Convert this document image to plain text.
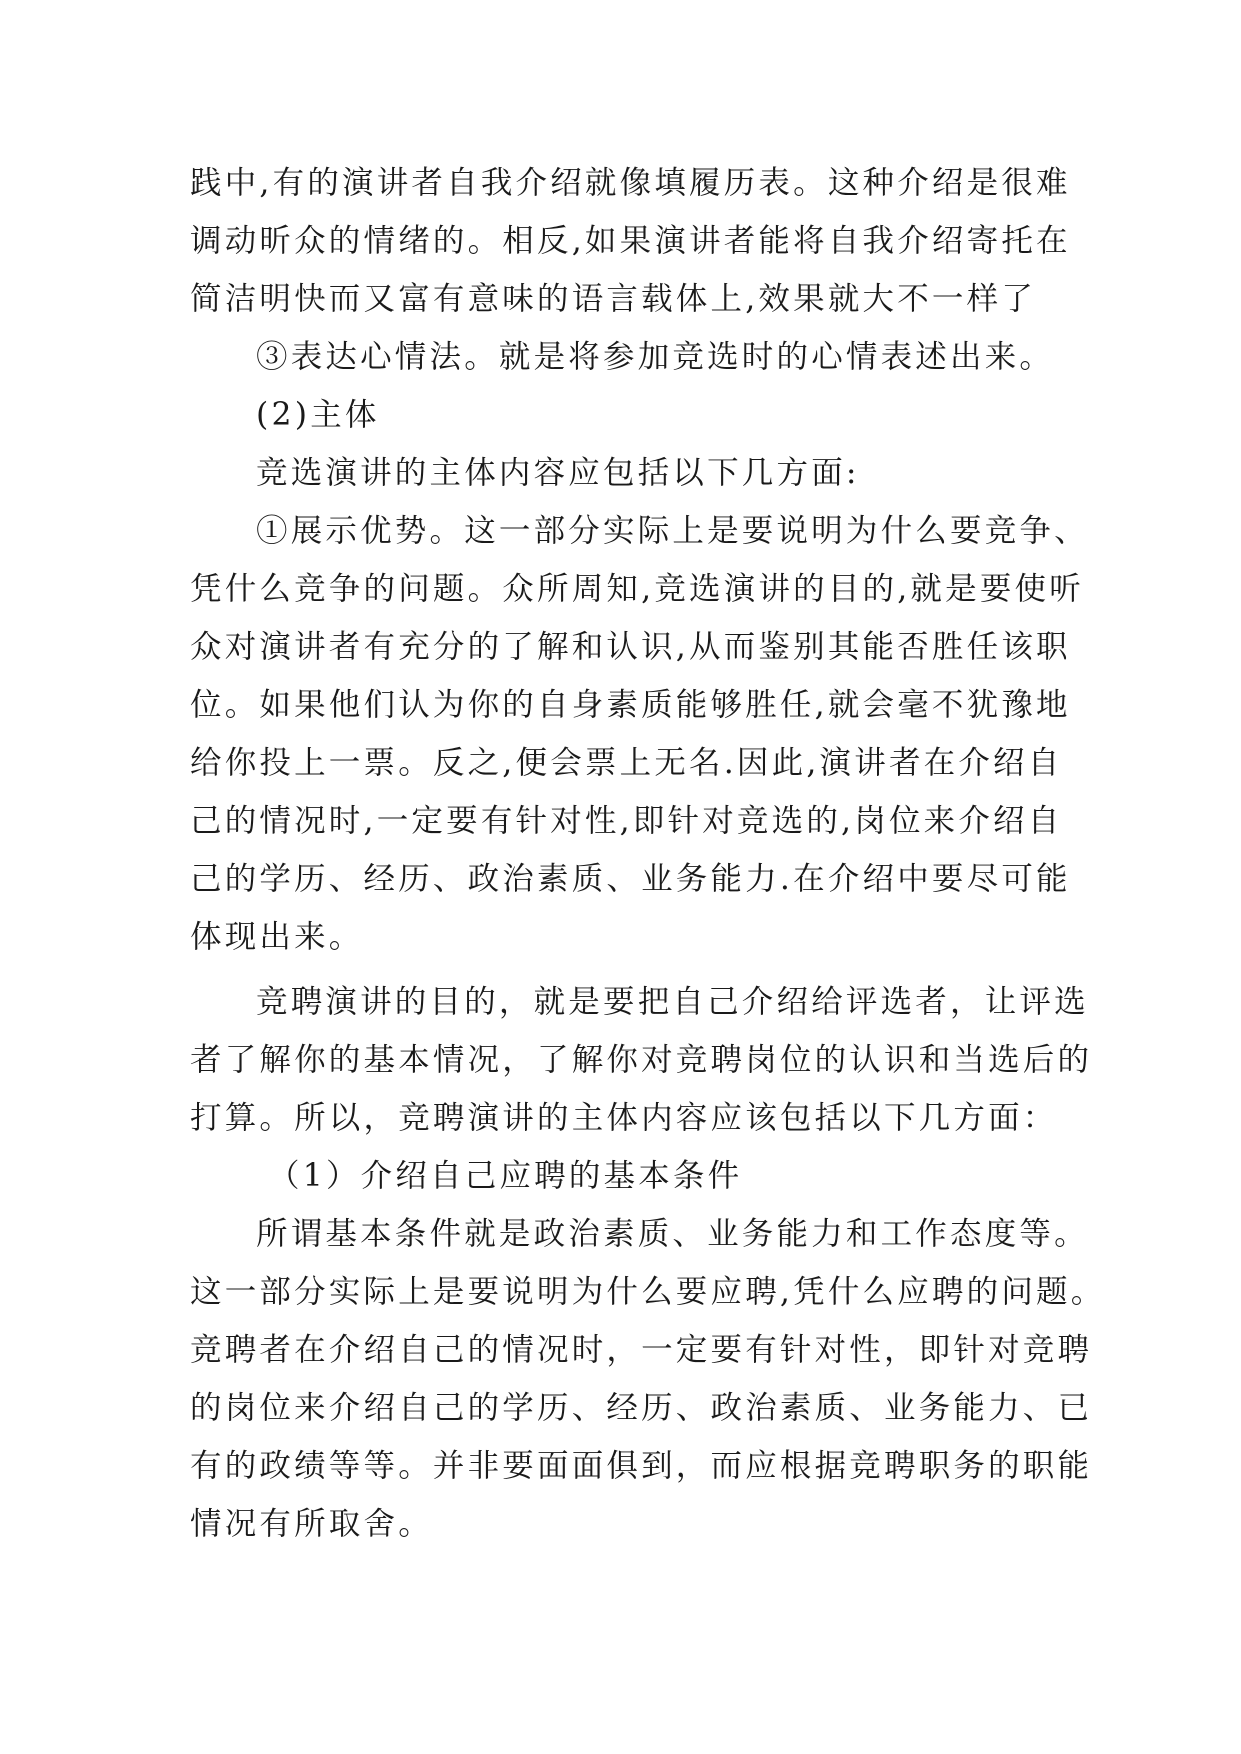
践中,有的演讲者自我介绍就像填履历表。这种介绍是很难
调动昕众的情绪的。相反,如果演讲者能将自我介绍寄托在
简洁明快而又富有意味的语言载体上,效果就大不一样了
③表达心情法。就是将参加竞选时的心情表述出来。
(2)主体
竞选演讲的主体内容应包括以下几方面:
①展示优势。这一部分实际上是要说明为什么要竞争、
凭什么竞争的问题。众所周知,竞选演讲的目的,就是要使听
众对演讲者有充分的了解和认识,从而鉴别其能否胜任该职
位。如果他们认为你的自身素质能够胜任,就会毫不犹豫地
给你投上一票。反之,便会票上无名.因此,演讲者在介绍自
己的情况时,一定要有针对性,即针对竞选的,岗位来介绍自
己的学历、经历、政治素质、业务能力.在介绍中要尽可能
体现出来。
竞聘演讲的目的，就是要把自己介绍给评选者，让评选
者了解你的基本情况，了解你对竞聘岗位的认识和当选后的
打算。所以，竞聘演讲的主体内容应该包括以下几方面：
（1）介绍自己应聘的基本条件
所谓基本条件就是政治素质、业务能力和工作态度等。
这一部分实际上是要说明为什么要应聘,凭什么应聘的问题。
竞聘者在介绍自己的情况时，一定要有针对性，即针对竞聘
的岗位来介绍自己的学历、经历、政治素质、业务能力、已
有的政绩等等。并非要面面俱到，而应根据竞聘职务的职能
情况有所取舍。
